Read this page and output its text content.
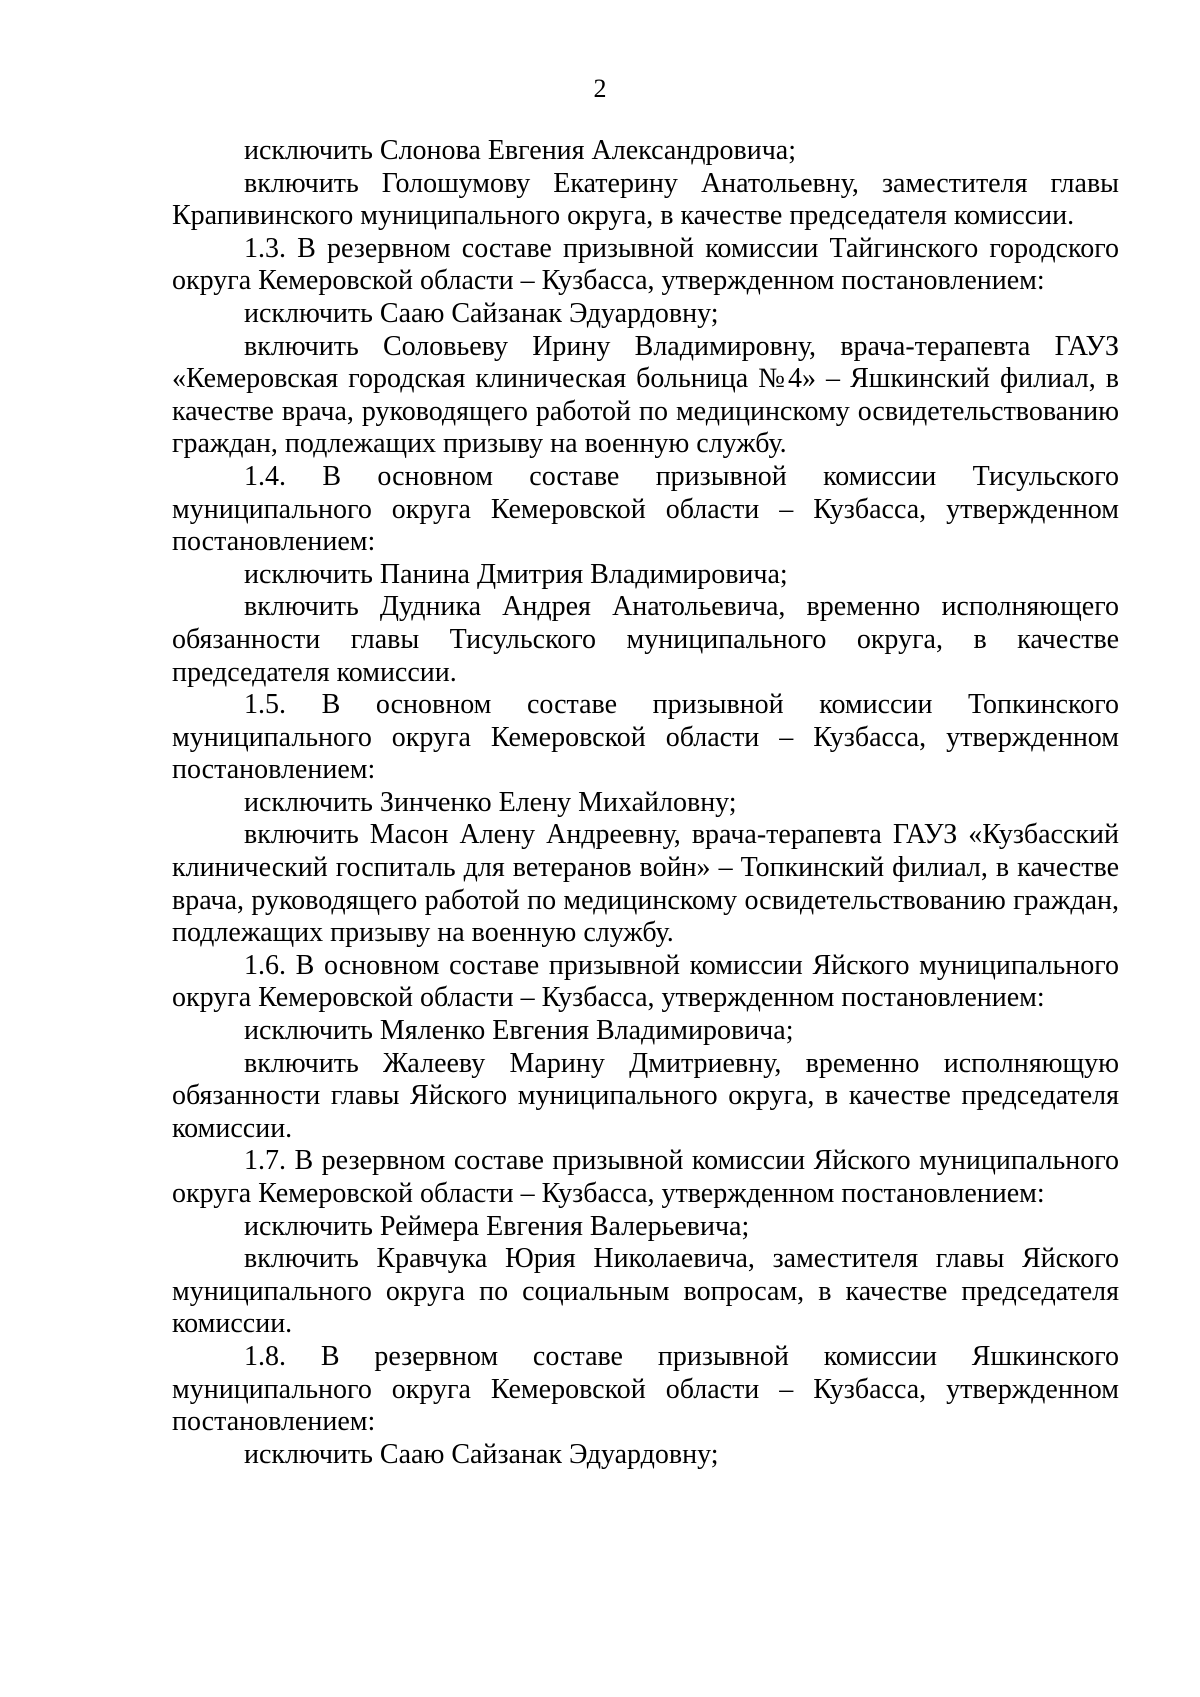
2

исключить Слонова Евгения Александровича;

включить Голошумову Екатерину Анатольевну, заместителя главы Крапивинского муниципального округа, в качестве председателя комиссии.

1.3. В резервном составе призывной комиссии Тайгинского городского округа Кемеровской области – Кузбасса, утвержденном постановлением:

исключить Сааю Сайзанак Эдуардовну;

включить Соловьеву Ирину Владимировну, врача-терапевта ГАУЗ «Кемеровская городская клиническая больница №4» – Яшкинский филиал, в качестве врача, руководящего работой по медицинскому освидетельствованию граждан, подлежащих призыву на военную службу.

1.4. В основном составе призывной комиссии Тисульского муниципального округа Кемеровской области – Кузбасса, утвержденном постановлением:

исключить Панина Дмитрия Владимировича;

включить Дудника Андрея Анатольевича, временно исполняющего обязанности главы Тисульского муниципального округа, в качестве председателя комиссии.

1.5. В основном составе призывной комиссии Топкинского муниципального округа Кемеровской области – Кузбасса, утвержденном постановлением:

исключить Зинченко Елену Михайловну;

включить Масон Алену Андреевну, врача-терапевта ГАУЗ «Кузбасский клинический госпиталь для ветеранов войн» – Топкинский филиал, в качестве врача, руководящего работой по медицинскому освидетельствованию граждан, подлежащих призыву на военную службу.

1.6. В основном составе призывной комиссии Яйского муниципального округа Кемеровской области – Кузбасса, утвержденном постановлением:

исключить Мяленко Евгения Владимировича;

включить Жалееву Марину Дмитриевну, временно исполняющую обязанности главы Яйского муниципального округа, в качестве председателя комиссии.

1.7. В резервном составе призывной комиссии Яйского муниципального округа Кемеровской области – Кузбасса, утвержденном постановлением:

исключить Реймера Евгения Валерьевича;

включить Кравчука Юрия Николаевича, заместителя главы Яйского муниципального округа по социальным вопросам, в качестве председателя комиссии.

1.8. В резервном составе призывной комиссии Яшкинского муниципального округа Кемеровской области – Кузбасса, утвержденном постановлением:

исключить Сааю Сайзанак Эдуардовну;
